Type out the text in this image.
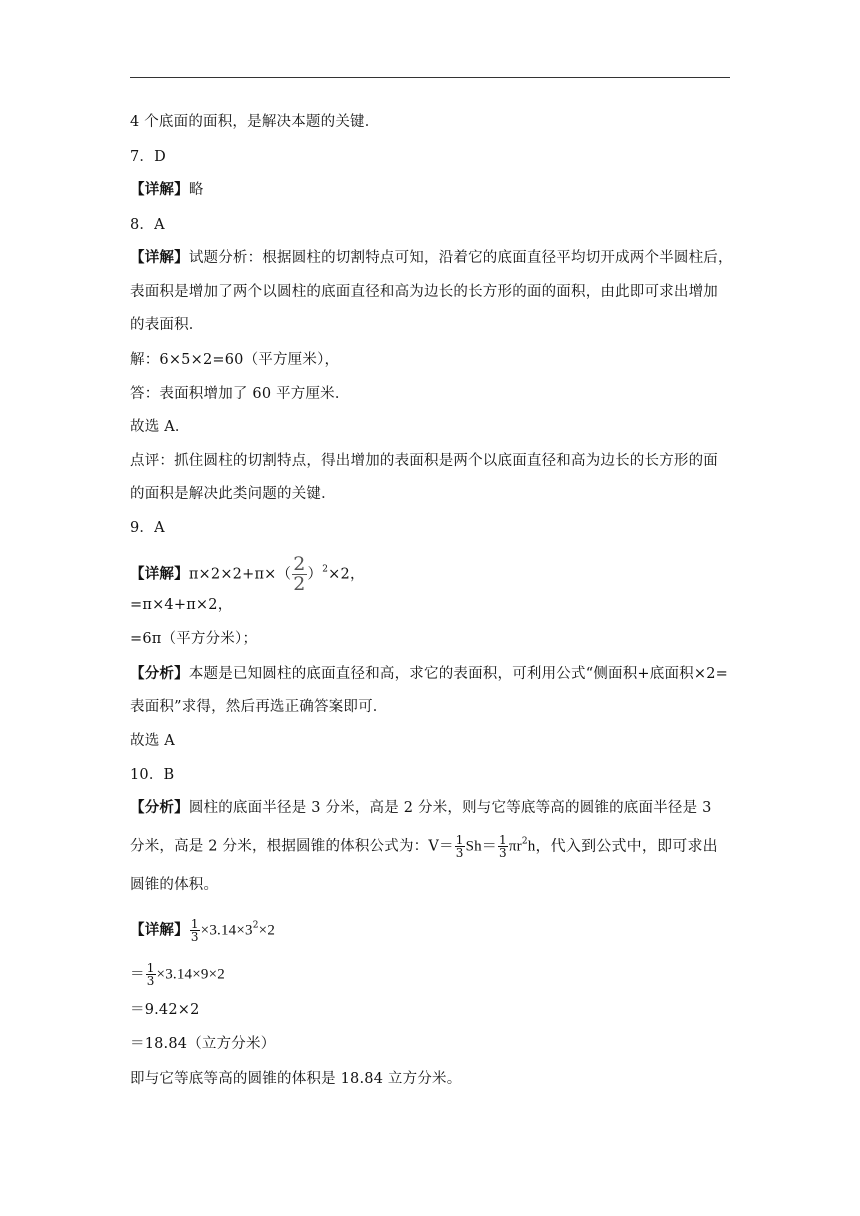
4 个底面的面积，是解决本题的关键．
7．D
【详解】略
8．A
【详解】试题分析：根据圆柱的切割特点可知，沿着它的底面直径平均切开成两个半圆柱后，
表面积是增加了两个以圆柱的底面直径和高为边长的长方形的面的面积，由此即可求出增加
的表面积．
解：6×5×2=60（平方厘米），
答：表面积增加了 60 平方厘米．
故选 A．
点评：抓住圆柱的切割特点，得出增加的表面积是两个以底面直径和高为边长的长方形的面
的面积是解决此类问题的关键．
9．A
【详解】$\pi\times 2\times 2+\pi\times( \frac{2}{2} )^2\times 2$，
=π×4+π×2，
=6π（平方分米）；
【分析】本题是已知圆柱的底面直径和高，求它的表面积，可利用公式“侧面积+底面积×2=
表面积”求得，然后再选正确答案即可．
故选 A
10．B
【分析】圆柱的底面半径是 3 分米，高是 2 分米，则与它等底等高的圆锥的底面半径是 3
分米，高是 2 分米，根据圆锥的体积公式为：$V= \frac{1}{3} Sh= \frac{1}{3} \pi r^2h$，代入到公式中，即可求出
圆锥的体积。
【详解】 $\frac{1}{3} \times 3.14\times 3^2\times 2$
＝ $\frac{1}{3} \times 3.14\times 9\times 2$
＝9.42×2
＝18.84（立方分米）
即与它等底等高的圆锥的体积是 18.84 立方分米。
